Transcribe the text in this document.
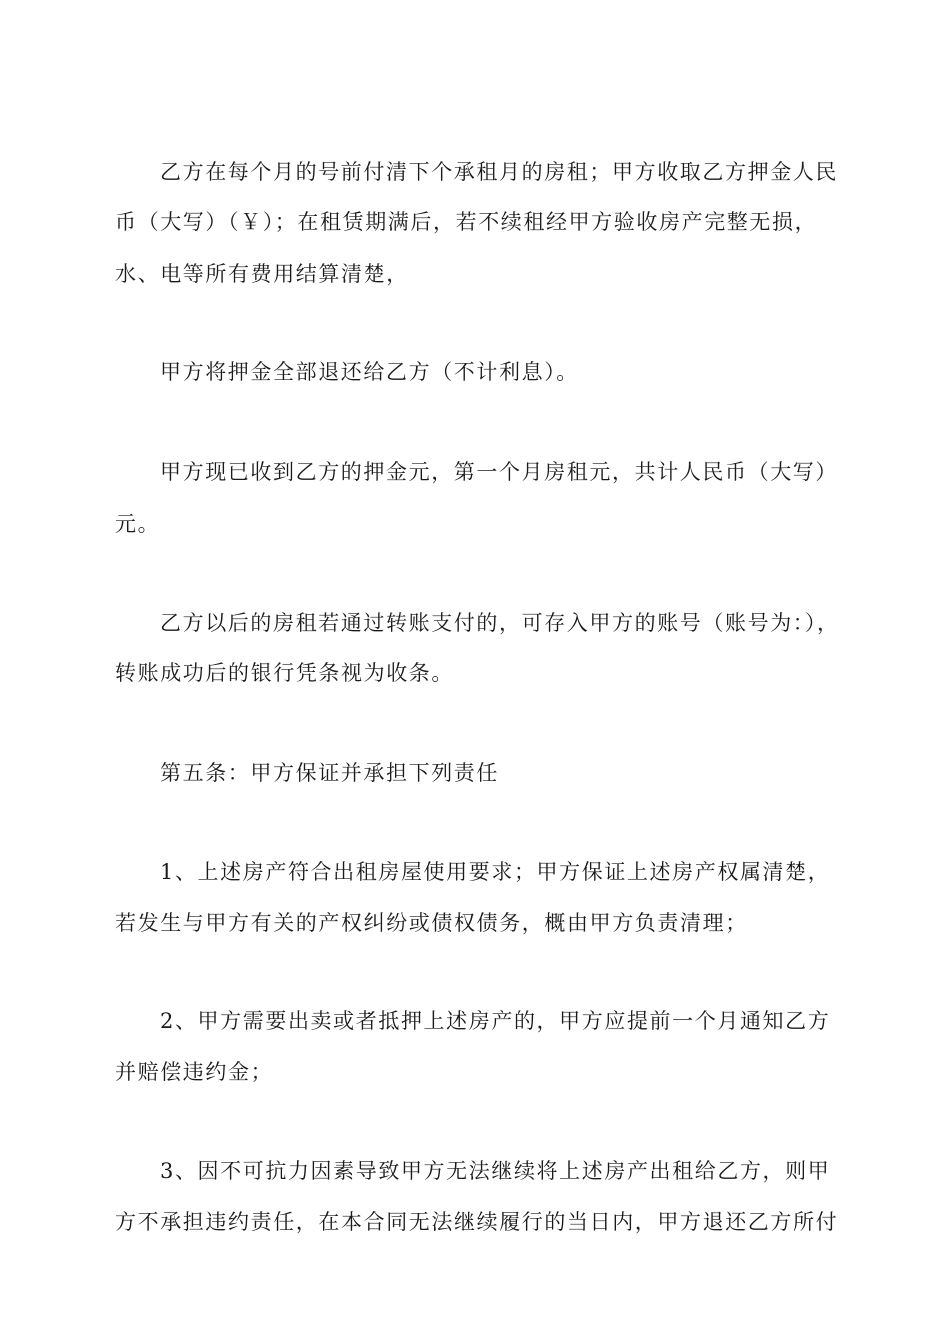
乙方在每个月的号前付清下个承租月的房租；甲方收取乙方押金人民

币（大写）（￥）；在租赁期满后，若不续租经甲方验收房产完整无损，

水、电等所有费用结算清楚，

甲方将押金全部退还给乙方（不计利息）。

甲方现已收到乙方的押金元，第一个月房租元，共计人民币（大写）

元。

乙方以后的房租若通过转账支付的，可存入甲方的账号（账号为：），

转账成功后的银行凭条视为收条。

第五条：甲方保证并承担下列责任

1、上述房产符合出租房屋使用要求；甲方保证上述房产权属清楚，

若发生与甲方有关的产权纠纷或债权债务，概由甲方负责清理；

2、甲方需要出卖或者抵押上述房产的，甲方应提前一个月通知乙方

并赔偿违约金；

3、因不可抗力因素导致甲方无法继续将上述房产出租给乙方，则甲

方不承担违约责任，在本合同无法继续履行的当日内，甲方退还乙方所付
